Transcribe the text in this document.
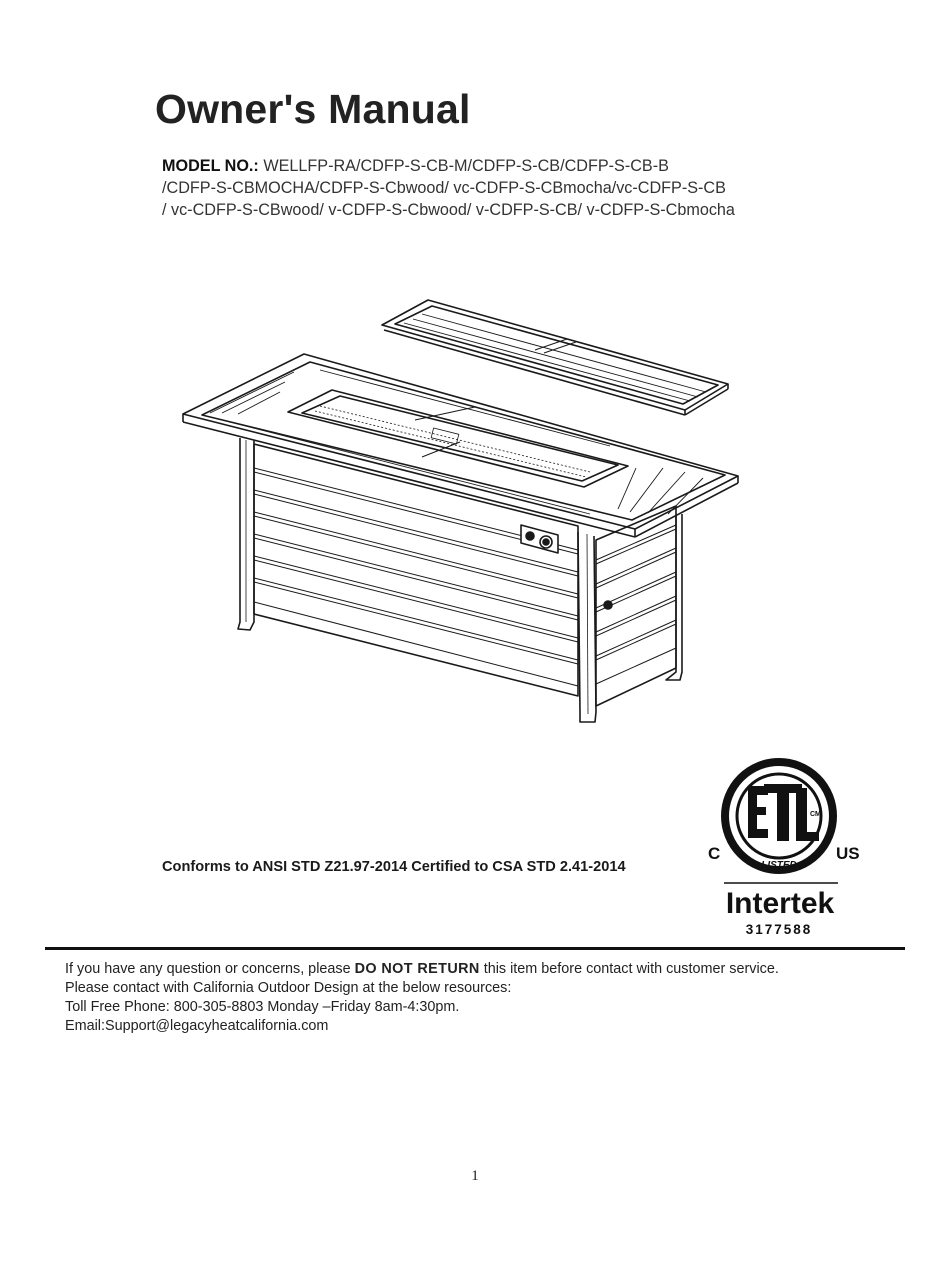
Owner's Manual
MODEL NO.: WELLFP-RA/CDFP-S-CB-M/CDFP-S-CB/CDFP-S-CB-B
/CDFP-S-CBMOCHA/CDFP-S-Cbwood/ vc-CDFP-S-CBmocha/vc-CDFP-S-CB
/ vc-CDFP-S-CBwood/ v-CDFP-S-Cbwood/ v-CDFP-S-CB/ v-CDFP-S-Cbmocha
Conforms to ANSI STD Z21.97-2014 Certified to CSA STD 2.41-2014
CM
LISTED
C	US
Intertek
3177588
If you have any question or concerns, please DO NOT RETURN this item before contact with customer service.
Please contact with California Outdoor Design at the below resources:
Toll Free Phone: 800-305-8803 Monday –Friday 8am-4:30pm.
Email:Support@legacyheatcalifornia.com
1
